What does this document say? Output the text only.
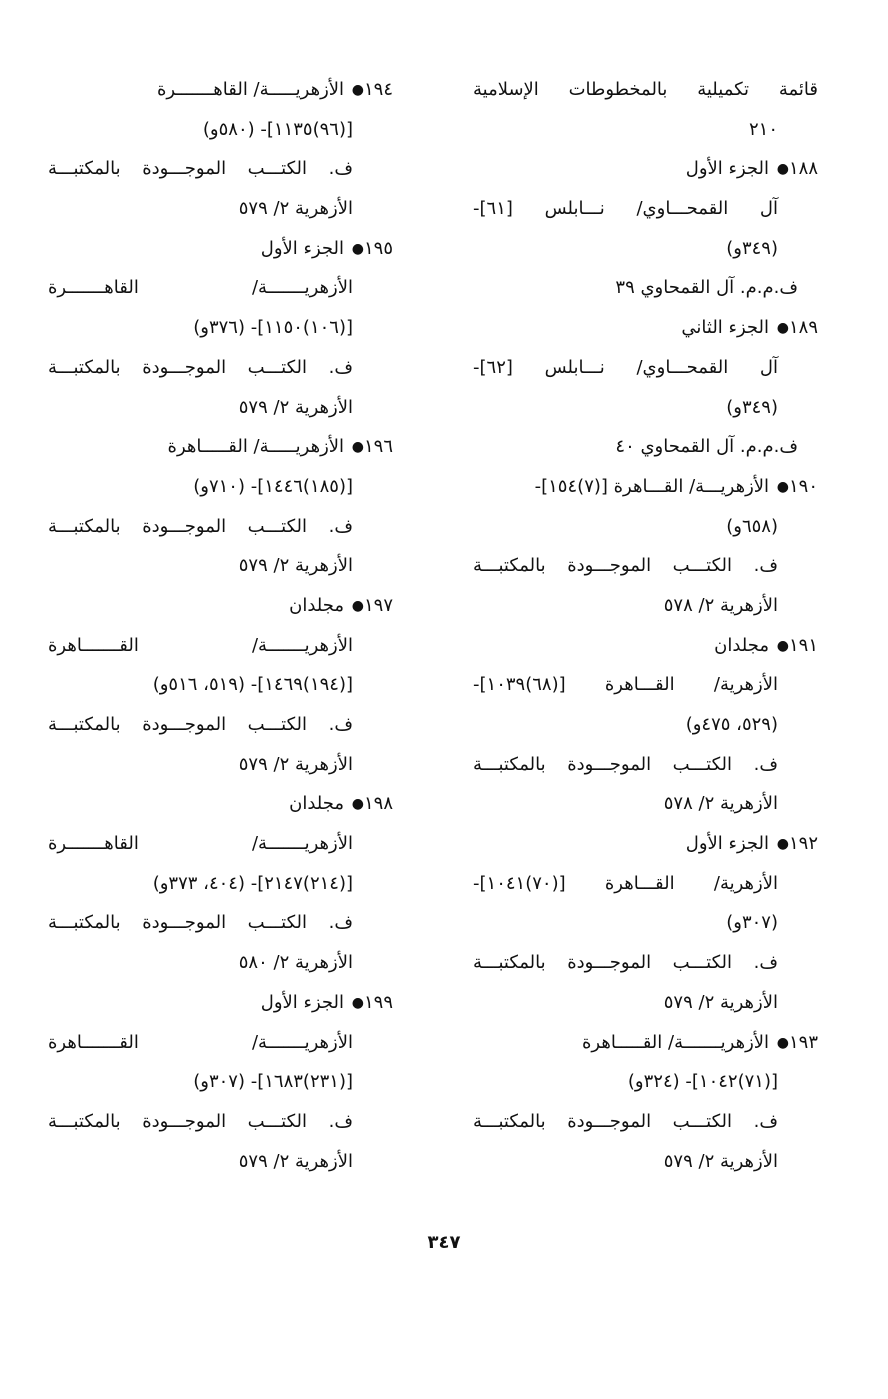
قائمة تكميلية بالمخطوطات الإسلامية
٢١٠
١٨٨● الجزء الأول
آل القمحـــاوي/ نـــابلس [٦١]-
(٣٤٩و)
ف.م.م. آل القمحاوي ٣٩
١٨٩● الجزء الثاني
آل القمحـــاوي/ نـــابلس [٦٢]-
(٣٤٩و)
ف.م.م. آل القمحاوي ٤٠
١٩٠● الأزهريـــة/ القـــاهرة [(٧)١٥٤]-
(٦٥٨و)
ف. الكتـــب الموجـــودة بالمكتبـــة
الأزهرية ٢/ ٥٧٨
١٩١● مجلدان
الأزهرية/ القـــاهرة [(٦٨)١٠٣٩]-
(٥٢٩، ٤٧٥و)
ف. الكتـــب الموجـــودة بالمكتبـــة
الأزهرية ٢/ ٥٧٨
١٩٢● الجزء الأول
الأزهرية/ القـــاهرة [(٧٠)١٠٤١]-
(٣٠٧و)
ف. الكتـــب الموجـــودة بالمكتبـــة
الأزهرية ٢/ ٥٧٩
١٩٣● الأزهريـــــــة/ القـــــاهرة
[(٧١)١٠٤٢]- (٣٢٤و)
ف. الكتـــب الموجـــودة بالمكتبـــة
الأزهرية ٢/ ٥٧٩
١٩٤● الأزهريـــــة/ القاهـــــــرة
[(٩٦)١١٣٥]- (٥٨٠و)
ف. الكتـــب الموجـــودة بالمكتبـــة
الأزهرية ٢/ ٥٧٩
١٩٥● الجزء الأول
الأزهريـــــــة/ القاهـــــــرة
[(١٠٦)١١٥٠]- (٣٧٦و)
ف. الكتـــب الموجـــودة بالمكتبـــة
الأزهرية ٢/ ٥٧٩
١٩٦● الأزهريـــــة/ القـــــاهرة
[(١٨٥)١٤٤٦]- (٧١٠و)
ف. الكتـــب الموجـــودة بالمكتبـــة
الأزهرية ٢/ ٥٧٩
١٩٧● مجلدان
الأزهريـــــــة/ القـــــــاهرة
[(١٩٤)١٤٦٩]- (٥١٩، ٥١٦و)
ف. الكتـــب الموجـــودة بالمكتبـــة
الأزهرية ٢/ ٥٧٩
١٩٨● مجلدان
الأزهريـــــــة/ القاهـــــــرة
[(٢١٤)٢١٤٧]- (٤٠٤، ٣٧٣و)
ف. الكتـــب الموجـــودة بالمكتبـــة
الأزهرية ٢/ ٥٨٠
١٩٩● الجزء الأول
الأزهريـــــــة/ القـــــــاهرة
[(٢٣١)١٦٨٣]- (٣٠٧و)
ف. الكتـــب الموجـــودة بالمكتبـــة
الأزهرية ٢/ ٥٧٩
٣٤٧
